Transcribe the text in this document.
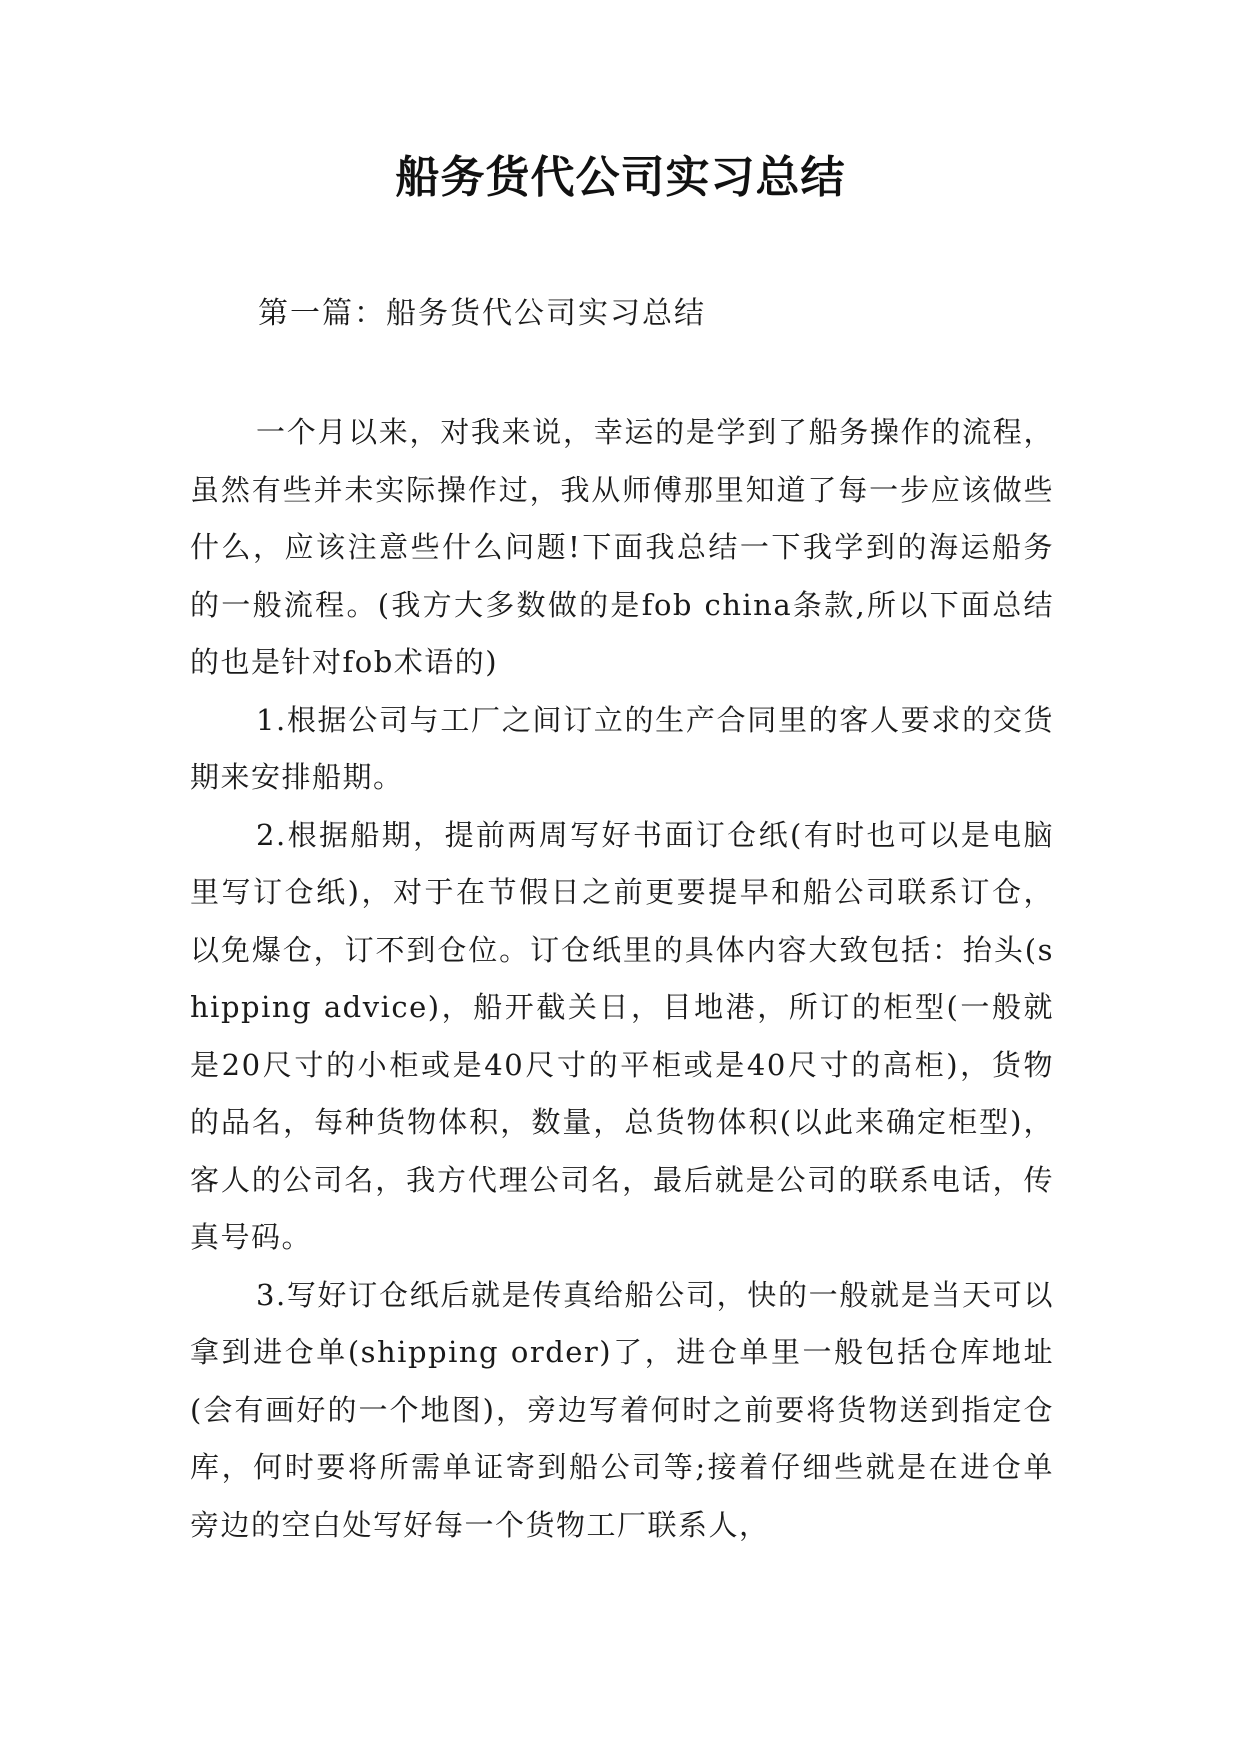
船务货代公司实习总结
第一篇：船务货代公司实习总结

一个月以来，对我来说，幸运的是学到了船务操作的流程，虽然有些并未实际操作过，我从师傅那里知道了每一步应该做些什么，应该注意些什么问题!下面我总结一下我学到的海运船务的一般流程。(我方大多数做的是fob china条款,所以下面总结的也是针对fob术语的)

1.根据公司与工厂之间订立的生产合同里的客人要求的交货期来安排船期。

2.根据船期，提前两周写好书面订仓纸(有时也可以是电脑里写订仓纸)，对于在节假日之前更要提早和船公司联系订仓，以免爆仓，订不到仓位。订仓纸里的具体内容大致包括：抬头(shipping advice)，船开截关日，目地港，所订的柜型(一般就是20尺寸的小柜或是40尺寸的平柜或是40尺寸的高柜)，货物的品名，每种货物体积，数量，总货物体积(以此来确定柜型)，客人的公司名，我方代理公司名，最后就是公司的联系电话，传真号码。

3.写好订仓纸后就是传真给船公司，快的一般就是当天可以拿到进仓单(shipping order)了，进仓单里一般包括仓库地址(会有画好的一个地图)，旁边写着何时之前要将货物送到指定仓库，何时要将所需单证寄到船公司等;接着仔细些就是在进仓单旁边的空白处写好每一个货物工厂联系人，
